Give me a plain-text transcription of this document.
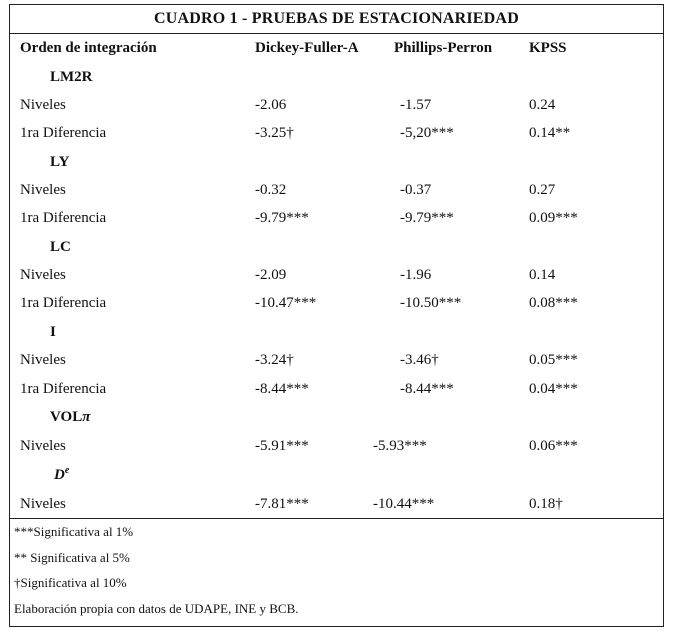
CUADRO 1 - PRUEBAS DE ESTACIONARIEDAD
Orden de integración	Dickey-Fuller-A Phillips-Perron KPSS
LM2R
Niveles	-2.06	-1.57	0.24
1ra Diferencia	-3.25†	-5,20***	0.14**
LY
Niveles	-0.32	-0.37	0.27
1ra Diferencia	-9.79***	-9.79***	0.09***
LC
Niveles	-2.09	-1.96	0.14
1ra Diferencia	-10.47***	-10.50***	0.08***
I
Niveles	-3.24†	-3.46†	0.05***
1ra Diferencia	-8.44***	-8.44***	0.04***
VOLπ
Niveles	-5.91***	-5.93***	0.06***
De
Niveles	-7.81***	-10.44***	0.18†
***Significativa al 1%
** Significativa al 5%
†Significativa al 10%
Elaboración propia con datos de UDAPE, INE y BCB.
